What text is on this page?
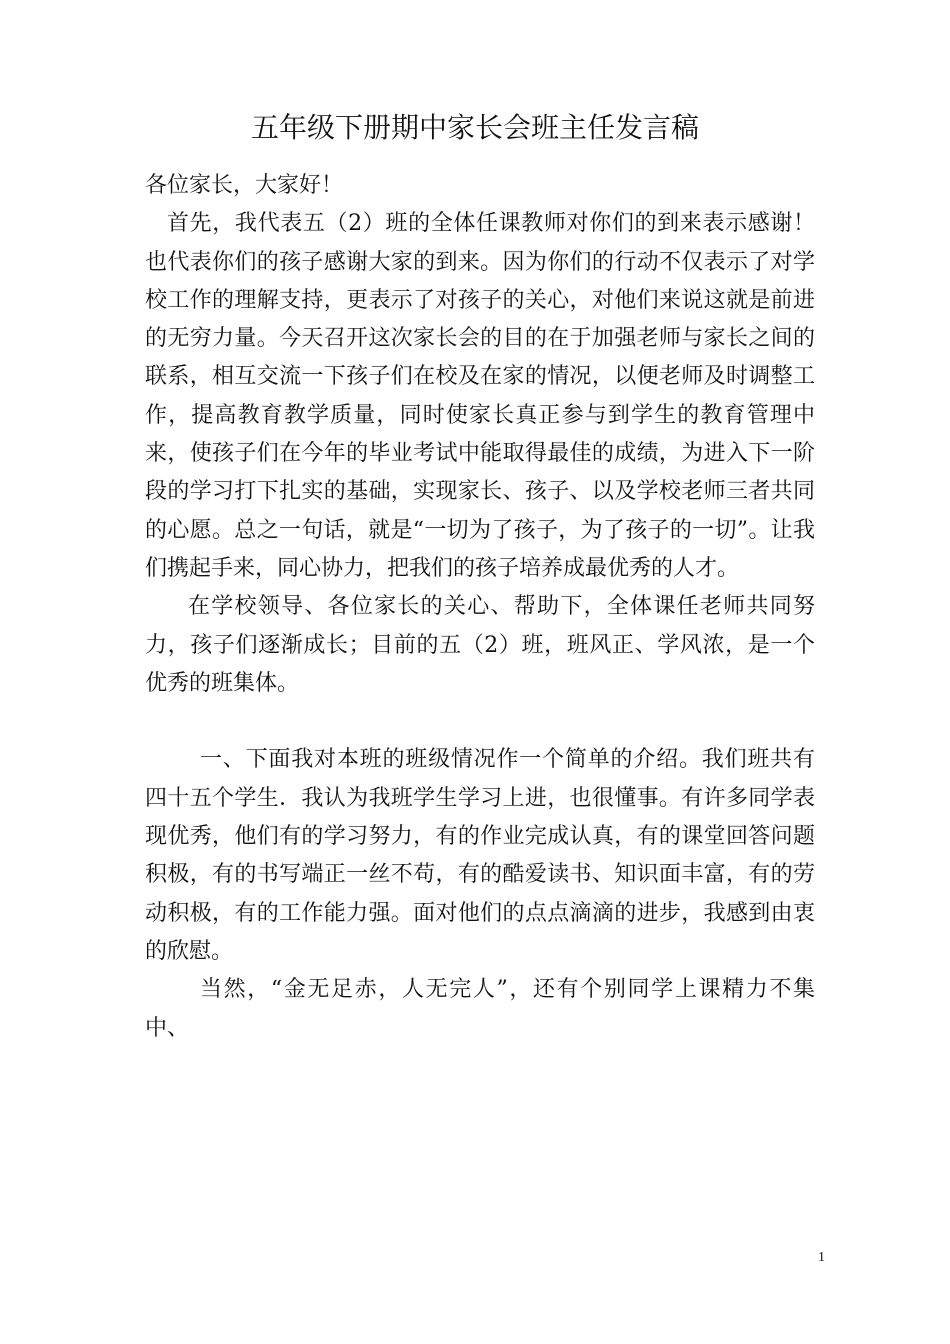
五年级下册期中家长会班主任发言稿

各位家长，大家好！

首先，我代表五（2）班的全体任课教师对你们的到来表示感谢！也代表你们的孩子感谢大家的到来。因为你们的行动不仅表示了对学校工作的理解支持，更表示了对孩子的关心，对他们来说这就是前进的无穷力量。今天召开这次家长会的目的在于加强老师与家长之间的联系，相互交流一下孩子们在校及在家的情况，以便老师及时调整工作，提高教育教学质量，同时使家长真正参与到学生的教育管理中来，使孩子们在今年的毕业考试中能取得最佳的成绩，为进入下一阶段的学习打下扎实的基础，实现家长、孩子、以及学校老师三者共同的心愿。总之一句话，就是“一切为了孩子，为了孩子的一切”。让我们携起手来，同心协力，把我们的孩子培养成最优秀的人才。

在学校领导、各位家长的关心、帮助下，全体课任老师共同努力，孩子们逐渐成长；目前的五（2）班，班风正、学风浓，是一个优秀的班集体。

一、下面我对本班的班级情况作一个简单的介绍。我们班共有四十五个学生．我认为我班学生学习上进，也很懂事。有许多同学表现优秀，他们有的学习努力，有的作业完成认真，有的课堂回答问题积极，有的书写端正一丝不苟，有的酷爱读书、知识面丰富，有的劳动积极，有的工作能力强。面对他们的点点滴滴的进步，我感到由衷的欣慰。

当然，“金无足赤，人无完人”，还有个别同学上课精力不集中、

1
